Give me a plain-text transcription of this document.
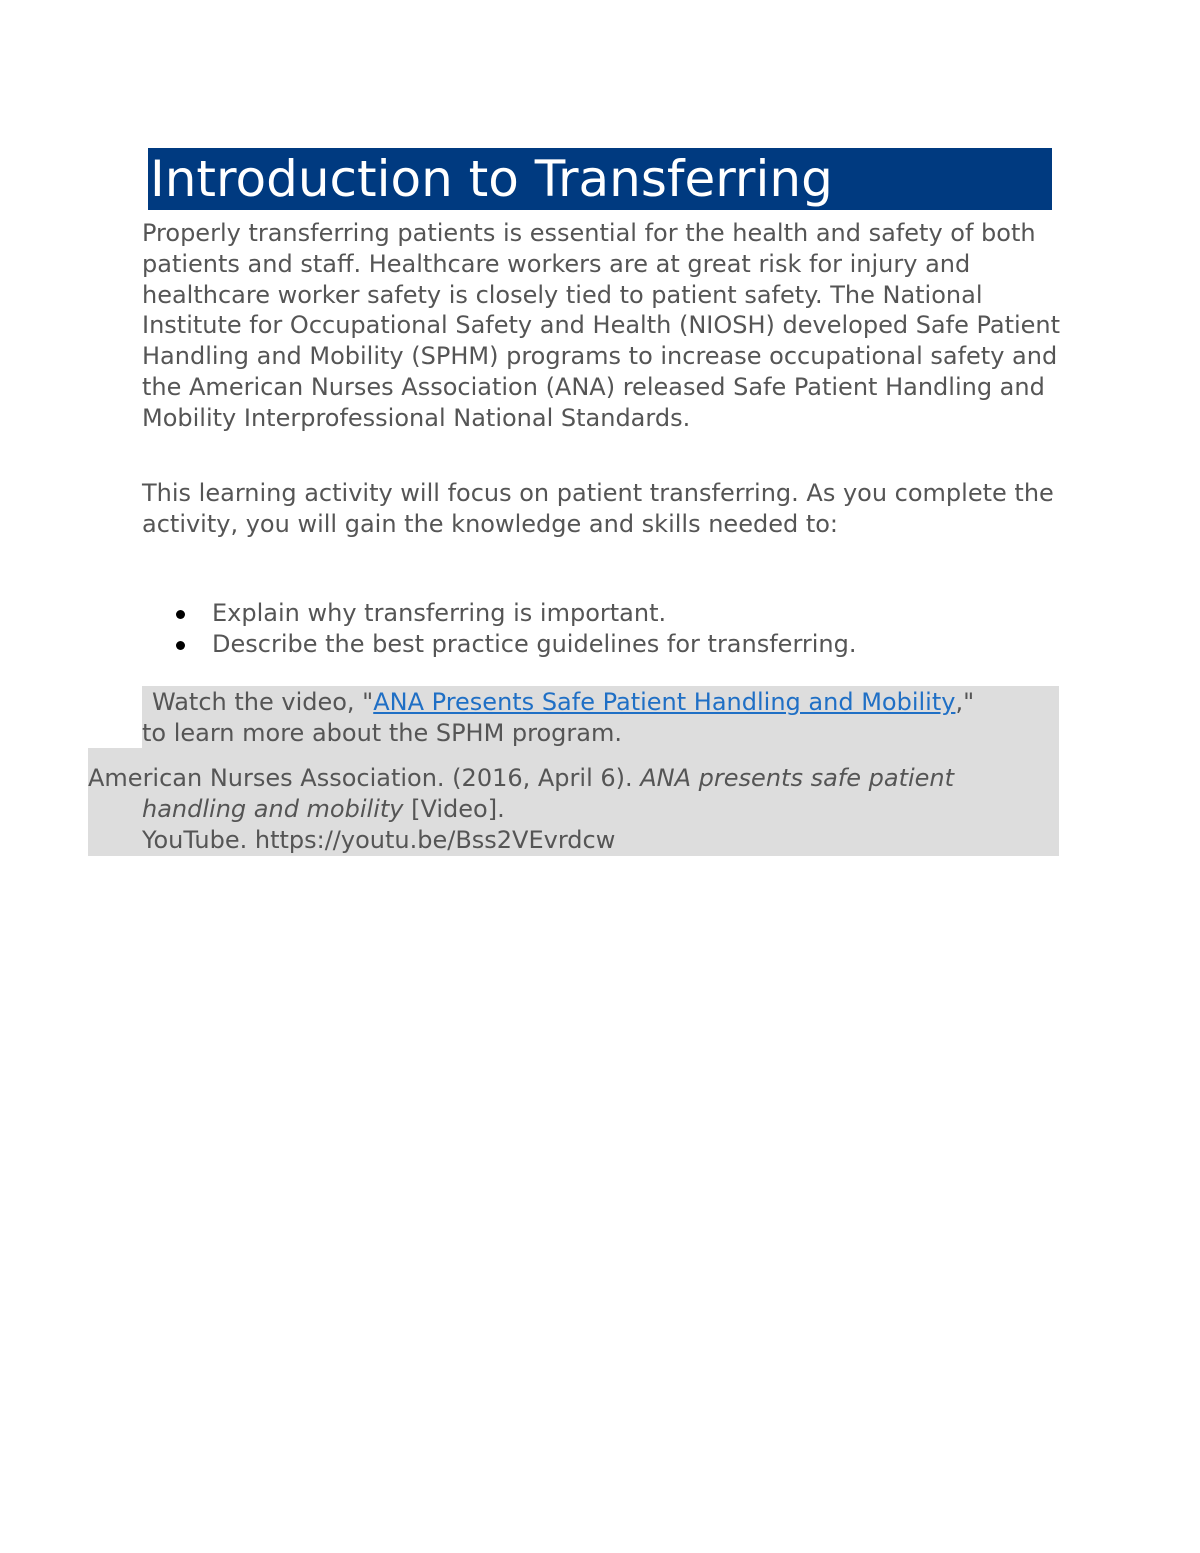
Introduction to Transferring

Properly transferring patients is essential for the health and safety of both patients and staff. Healthcare workers are at great risk for injury and healthcare worker safety is closely tied to patient safety. The National Institute for Occupational Safety and Health (NIOSH) developed Safe Patient Handling and Mobility (SPHM) programs to increase occupational safety and the American Nurses Association (ANA) released Safe Patient Handling and Mobility Interprofessional National Standards.

This learning activity will focus on patient transferring. As you complete the activity, you will gain the knowledge and skills needed to:

Explain why transferring is important.
Describe the best practice guidelines for transferring.

Watch the video, "ANA Presents Safe Patient Handling and Mobility,"
to learn more about the SPHM program.

American Nurses Association. (2016, April 6). ANA presents safe patient
handling and mobility [Video].
YouTube. https://youtu.be/Bss2VEvrdcw
